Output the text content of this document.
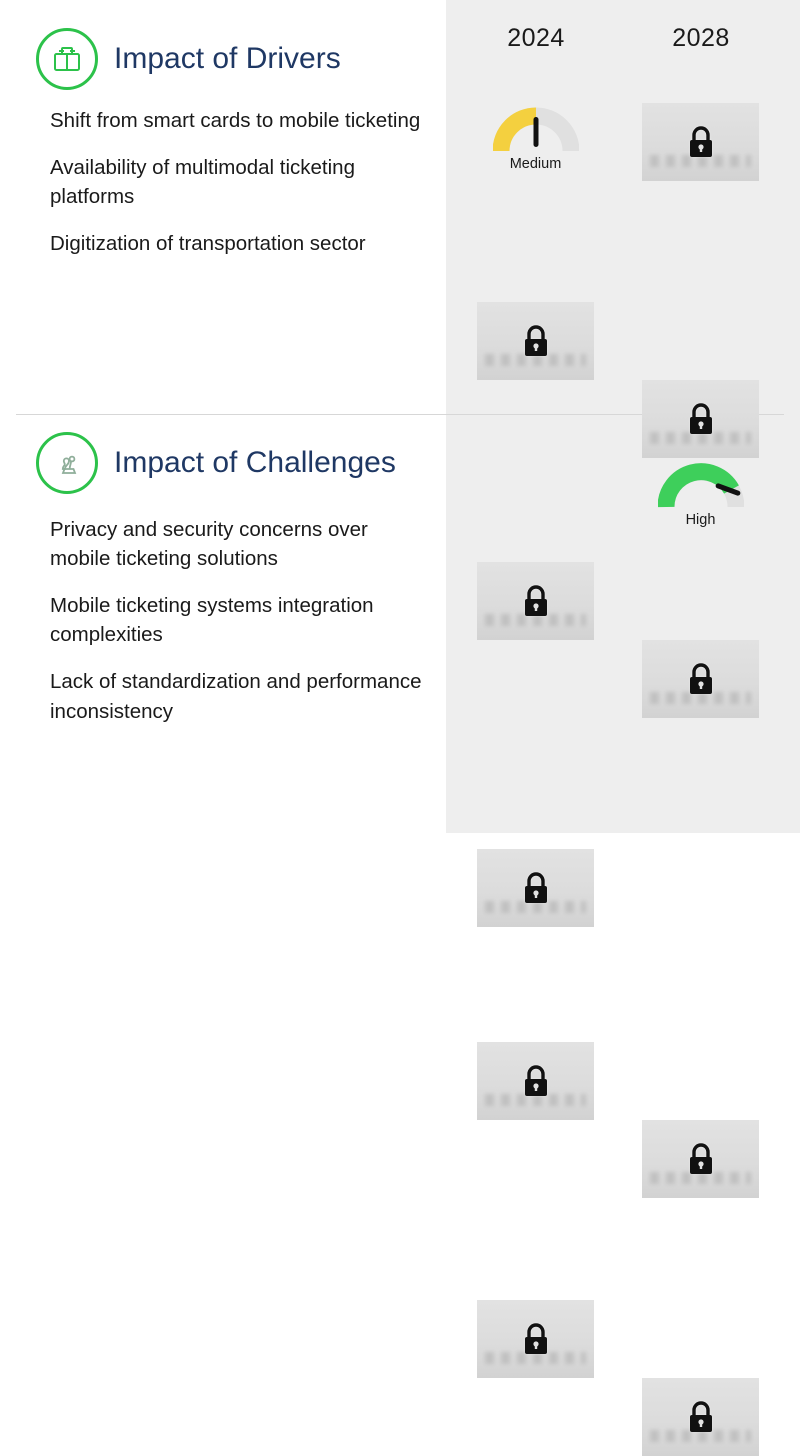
2024	2028
Impact of Drivers
Shift from smart cards to mobile ticketing
Availability of multimodal ticketing platforms
Digitization of transportation sector
Medium
Impact of Challenges
Privacy and security concerns over mobile ticketing solutions
Mobile ticketing systems integration complexities
Lack of standardization and performance inconsistency
High
